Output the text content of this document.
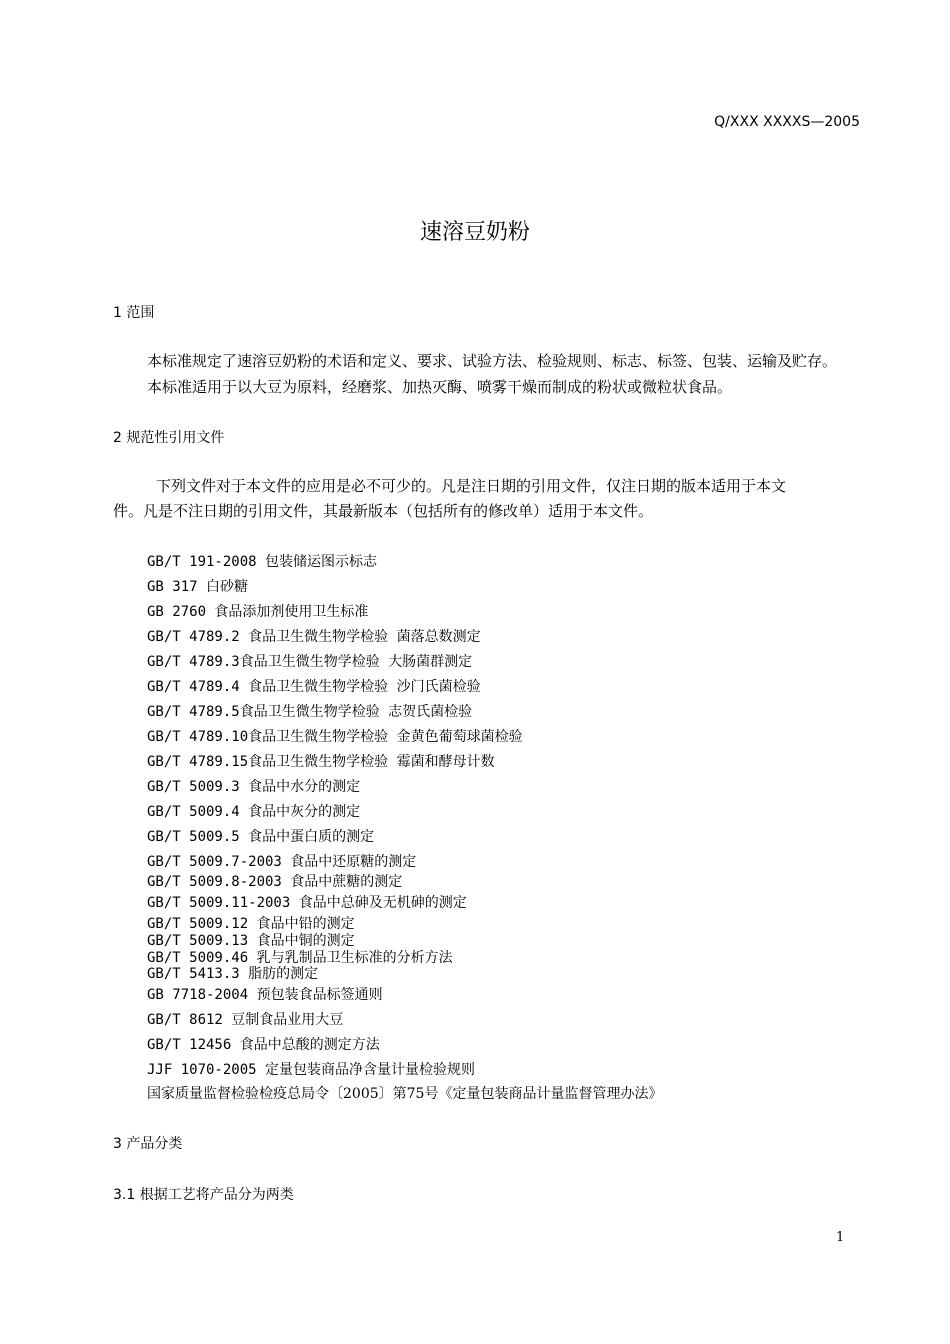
Q/XXX XXXXS—2005
速溶豆奶粉
1 范围
本标准规定了速溶豆奶粉的术语和定义、要求、试验方法、检验规则、标志、标签、包装、运输及贮存。
本标准适用于以大豆为原料，经磨浆、加热灭酶、喷雾干燥而制成的粉状或微粒状食品。
2 规范性引用文件
下列文件对于本文件的应用是必不可少的。凡是注日期的引用文件，仅注日期的版本适用于本文
件。凡是不注日期的引用文件，其最新版本（包括所有的修改单）适用于本文件。
GB/T 191-2008 包装储运图示标志
GB 317 白砂糖
GB 2760 食品添加剂使用卫生标准
GB/T 4789.2 食品卫生微生物学检验 菌落总数测定
GB/T 4789.3食品卫生微生物学检验 大肠菌群测定
GB/T 4789.4 食品卫生微生物学检验 沙门氏菌检验
GB/T 4789.5食品卫生微生物学检验 志贺氏菌检验
GB/T 4789.10食品卫生微生物学检验 金黄色葡萄球菌检验
GB/T 4789.15食品卫生微生物学检验 霉菌和酵母计数
GB/T 5009.3 食品中水分的测定
GB/T 5009.4 食品中灰分的测定
GB/T 5009.5 食品中蛋白质的测定
GB/T 5009.7-2003 食品中还原糖的测定
GB/T 5009.8-2003 食品中蔗糖的测定
GB/T 5009.11-2003 食品中总砷及无机砷的测定
GB/T 5009.12 食品中铅的测定
GB/T 5009.13 食品中铜的测定
GB/T 5009.46 乳与乳制品卫生标准的分析方法
GB/T 5413.3 脂肪的测定
GB 7718-2004 预包装食品标签通则
GB/T 8612 豆制食品业用大豆
GB/T 12456 食品中总酸的测定方法
JJF 1070-2005 定量包装商品净含量计量检验规则
国家质量监督检验检疫总局令〔2005〕第75号《定量包装商品计量监督管理办法》
3 产品分类
3.1 根据工艺将产品分为两类
1
